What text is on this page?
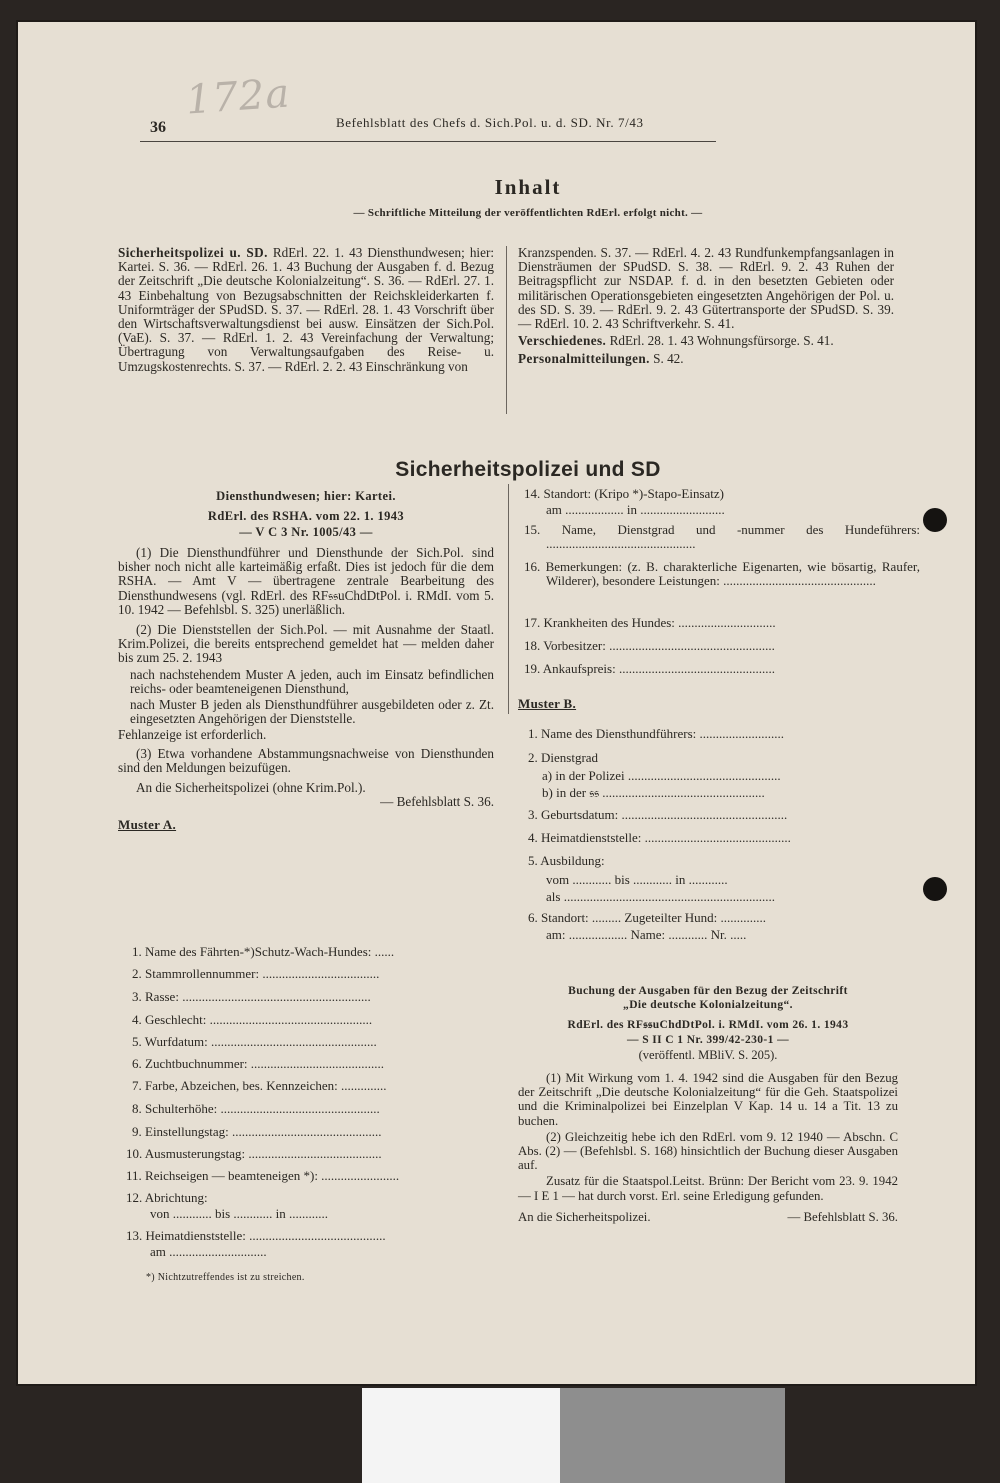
172a
36	Befehlsblatt des Chefs d. Sich.Pol. u. d. SD. Nr. 7/43
Inhalt
— Schriftliche Mitteilung der veröffentlichten RdErl. erfolgt nicht. —
Sicherheitspolizei u. SD. RdErl. 22. 1. 43 Diensthundwesen; hier: Kartei. S. 36. — RdErl. 26. 1. 43 Buchung der Ausgaben f. d. Bezug der Zeitschrift „Die deutsche Kolonialzeitung“. S. 36. — RdErl. 27. 1. 43 Einbehaltung von Bezugsabschnitten der Reichskleiderkarten f. Uniformträger der SPudSD. S. 37. — RdErl. 28. 1. 43 Vorschrift über den Wirtschaftsverwaltungsdienst bei ausw. Einsätzen der Sich.Pol. (VaE). S. 37. — RdErl. 1. 2. 43 Vereinfachung der Verwaltung; Übertragung von Verwaltungsaufgaben des Reise- u. Umzugskostenrechts. S. 37. — RdErl. 2. 2. 43 Einschränkung von
Kranzspenden. S. 37. — RdErl. 4. 2. 43 Rundfunkempfangsanlagen in Diensträumen der SPudSD. S. 38. — RdErl. 9. 2. 43 Ruhen der Beitragspflicht zur NSDAP. f. d. in den besetzten Gebieten oder militärischen Operationsgebieten eingesetzten Angehörigen der Pol. u. des SD. S. 39. — RdErl. 9. 2. 43 Gütertransporte der SPudSD. S. 39. — RdErl. 10. 2. 43 Schriftverkehr. S. 41.
Verschiedenes. RdErl. 28. 1. 43 Wohnungsfürsorge. S. 41.
Personalmitteilungen. S. 42.
Sicherheitspolizei und SD
Diensthundwesen; hier: Kartei.
RdErl. des RSHA. vom 22. 1. 1943
— V C 3 Nr. 1005/43 —
(1) Die Diensthundführer und Diensthunde der Sich.Pol. sind bisher noch nicht alle karteimäßig erfaßt. Dies ist jedoch für die dem RSHA. — Amt V — übertragene zentrale Bearbeitung des Diensthundwesens (vgl. RdErl. des RF𝔰𝔰uChdDtPol. i. RMdI. vom 5. 10. 1942 — Befehlsbl. S. 325) unerläßlich.
(2) Die Dienststellen der Sich.Pol. — mit Ausnahme der Staatl. Krim.Polizei, die bereits entsprechend gemeldet hat — melden daher bis zum 25. 2. 1943
nach nachstehendem Muster A jeden, auch im Einsatz befindlichen reichs- oder beamteneigenen Diensthund,
nach Muster B jeden als Diensthundführer ausgebildeten oder z. Zt. eingesetzten Angehörigen der Dienststelle.
Fehlanzeige ist erforderlich.
(3) Etwa vorhandene Abstammungsnachweise von Diensthunden sind den Meldungen beizufügen.
An die Sicherheitspolizei (ohne Krim.Pol.).
— Befehlsblatt S. 36.
Muster A.
1. Name des Fährten-*)Schutz-Wach-Hundes: ......
2. Stammrollennummer: ....................................
3. Rasse: ..........................................................
4. Geschlecht: ..................................................
5. Wurfdatum: ...................................................
6. Zuchtbuchnummer: .........................................
7. Farbe, Abzeichen, bes. Kennzeichen: ..............
8. Schulterhöhe: .................................................
9. Einstellungstag: ..............................................
10. Ausmusterungstag: .........................................
11. Reichseigen — beamteneigen *): ........................
12. Abrichtung:
von ............ bis ............ in ............
13. Heimatdienststelle: ..........................................
am ..............................
*) Nichtzutreffendes ist zu streichen.
14. Standort: (Kripo *)-Stapo-Einsatz)
am .................. in ..........................
15. Name, Dienstgrad und -nummer des Hundeführers: ..............................................
16. Bemerkungen: (z. B. charakterliche Eigenarten, wie bösartig, Raufer, Wilderer), besondere Leistungen: ...............................................
17. Krankheiten des Hundes: ..............................
18. Vorbesitzer: ...................................................
19. Ankaufspreis: ................................................
Muster B.
1. Name des Diensthundführers: ..........................
2. Dienstgrad
a) in der Polizei ...............................................
b) in der 𝔰𝔰 ..................................................
3. Geburtsdatum: ...................................................
4. Heimatdienststelle: .............................................
5. Ausbildung:
vom ............ bis ............ in ............
als .................................................................
6. Standort: ......... Zugeteilter Hund: ..............
am: .................. Name: ............ Nr. .....
Buchung der Ausgaben für den Bezug der Zeitschrift
„Die deutsche Kolonialzeitung“.
RdErl. des RF𝔰𝔰uChdDtPol. i. RMdI. vom 26. 1. 1943
— S II C 1 Nr. 399/42-230-1 —
(veröffentl. MBliV. S. 205).
(1) Mit Wirkung vom 1. 4. 1942 sind die Ausgaben für den Bezug der Zeitschrift „Die deutsche Kolonialzeitung“ für die Geh. Staatspolizei und die Kriminalpolizei bei Einzelplan V Kap. 14 u. 14 a Tit. 13 zu buchen.
(2) Gleichzeitig hebe ich den RdErl. vom 9. 12 1940 — Abschn. C Abs. (2) — (Befehlsbl. S. 168) hinsichtlich der Buchung dieser Ausgaben auf.
Zusatz für die Staatspol.Leitst. Brünn: Der Bericht vom 23. 9. 1942 — I E 1 — hat durch vorst. Erl. seine Erledigung gefunden.
An die Sicherheitspolizei.	— Befehlsblatt S. 36.
